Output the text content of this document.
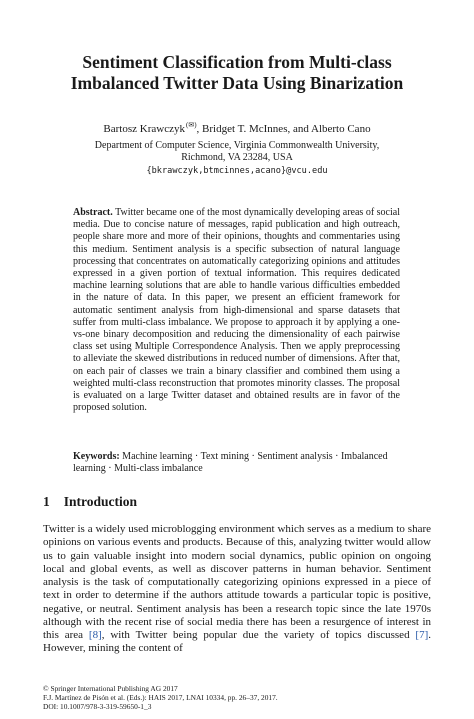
Sentiment Classification from Multi-class
Imbalanced Twitter Data Using Binarization
Bartosz Krawczyk(✉), Bridget T. McInnes, and Alberto Cano
Department of Computer Science, Virginia Commonwealth University,
Richmond, VA 23284, USA
{bkrawczyk,btmcinnes,acano}@vcu.edu
Abstract. Twitter became one of the most dynamically developing areas of social media. Due to concise nature of messages, rapid publication and high outreach, people share more and more of their opinions, thoughts and commentaries using this medium. Sentiment analysis is a specific subsection of natural language processing that concentrates on automatically categorizing opinions and attitudes expressed in a given portion of textual information. This requires dedicated machine learning solutions that are able to handle various difficulties embedded in the nature of data. In this paper, we present an efficient framework for automatic sentiment analysis from high-dimensional and sparse datasets that suffer from multi-class imbalance. We propose to approach it by applying a one-vs-one binary decomposition and reducing the dimensionality of each pairwise class set using Multiple Correspondence Analysis. Then we apply preprocessing to alleviate the skewed distributions in reduced number of dimensions. After that, on each pair of classes we train a binary classifier and combined them using a weighted multi-class reconstruction that promotes minority classes. The proposal is evaluated on a large Twitter dataset and obtained results are in favor of the proposed solution.
Keywords: Machine learning · Text mining · Sentiment analysis · Imbalanced learning · Multi-class imbalance
1 Introduction
Twitter is a widely used microblogging environment which serves as a medium to share opinions on various events and products. Because of this, analyzing twitter would allow us to gain valuable insight into modern social dynamics, public opinion on ongoing local and global events, as well as discover patterns in human behavior. Sentiment analysis is the task of computationally categorizing opinions expressed in a piece of text in order to determine if the authors attitude towards a particular topic is positive, negative, or neutral. Sentiment analysis has been a research topic since the late 1970s although with the recent rise of social media there has been a resurgence of interest in this area [8], with Twitter being popular due the variety of topics discussed [7]. However, mining the content of
© Springer International Publishing AG 2017
F.J. Martínez de Pisón et al. (Eds.): HAIS 2017, LNAI 10334, pp. 26–37, 2017.
DOI: 10.1007/978-3-319-59650-1_3
